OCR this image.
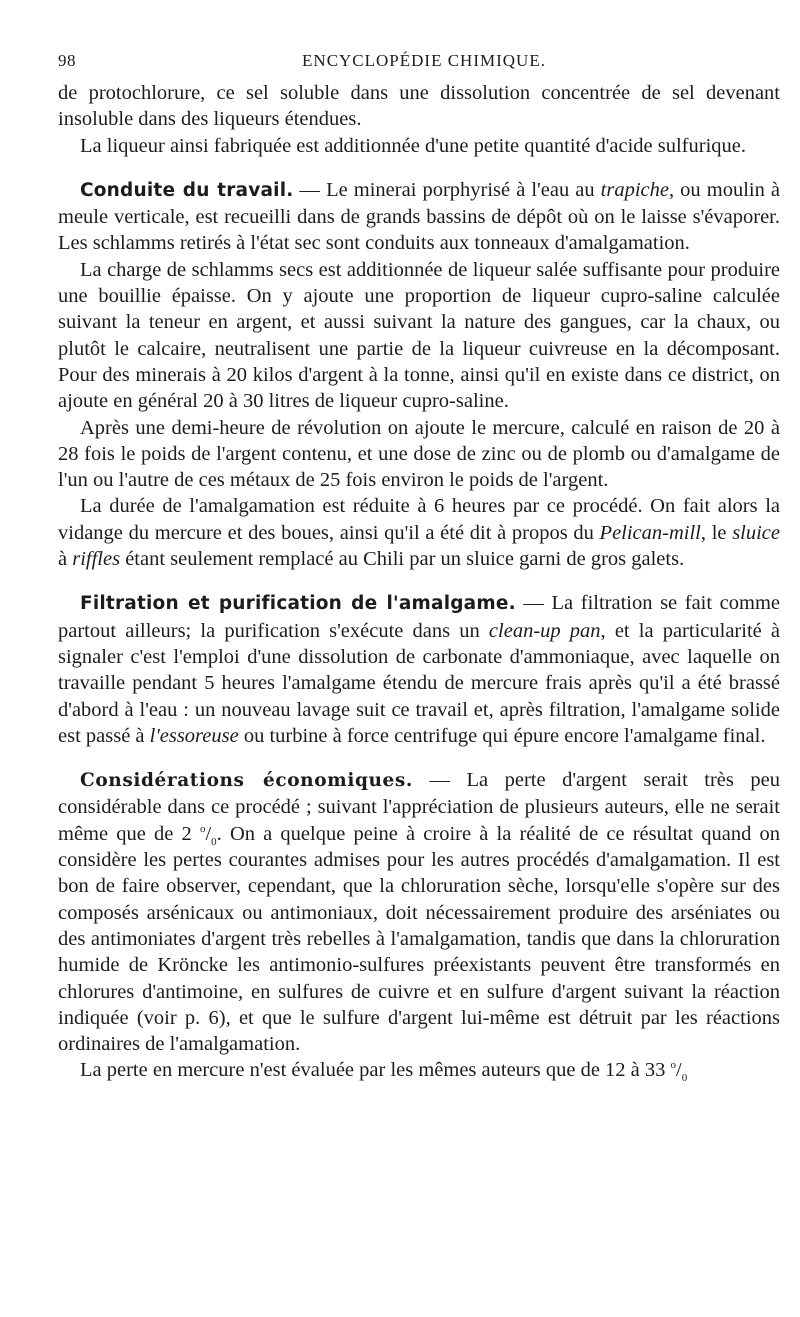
98	ENCYCLOPÉDIE CHIMIQUE.

de protochlorure, ce sel soluble dans une dissolution concentrée de sel devenant insoluble dans des liqueurs étendues.

La liqueur ainsi fabriquée est additionnée d'une petite quantité d'acide sulfurique.

Conduite du travail. — Le minerai porphyrisé à l'eau au trapiche, ou moulin à meule verticale, est recueilli dans de grands bassins de dépôt où on le laisse s'évaporer. Les schlamms retirés à l'état sec sont conduits aux tonneaux d'amalgamation.

La charge de schlamms secs est additionnée de liqueur salée suffisante pour produire une bouillie épaisse. On y ajoute une proportion de liqueur cupro-saline calculée suivant la teneur en argent, et aussi suivant la nature des gangues, car la chaux, ou plutôt le calcaire, neutralisent une partie de la liqueur cuivreuse en la décomposant. Pour des minerais à 20 kilos d'argent à la tonne, ainsi qu'il en existe dans ce district, on ajoute en général 20 à 30 litres de liqueur cupro-saline.

Après une demi-heure de révolution on ajoute le mercure, calculé en raison de 20 à 28 fois le poids de l'argent contenu, et une dose de zinc ou de plomb ou d'amalgame de l'un ou l'autre de ces métaux de 25 fois environ le poids de l'argent.

La durée de l'amalgamation est réduite à 6 heures par ce procédé. On fait alors la vidange du mercure et des boues, ainsi qu'il a été dit à propos du Pelican-mill, le sluice à riffles étant seulement remplacé au Chili par un sluice garni de gros galets.

Filtration et purification de l'amalgame. — La filtration se fait comme partout ailleurs; la purification s'exécute dans un clean-up pan, et la particularité à signaler c'est l'emploi d'une dissolution de carbonate d'ammoniaque, avec laquelle on travaille pendant 5 heures l'amalgame étendu de mercure frais après qu'il a été brassé d'abord à l'eau : un nouveau lavage suit ce travail et, après filtration, l'amalgame solide est passé à l'essoreuse ou turbine à force centrifuge qui épure encore l'amalgame final.

Considérations économiques. — La perte d'argent serait très peu considérable dans ce procédé ; suivant l'appréciation de plusieurs auteurs, elle ne serait même que de 2 $^o/_0$. On a quelque peine à croire à la réalité de ce résultat quand on considère les pertes courantes admises pour les autres procédés d'amalgamation. Il est bon de faire observer, cependant, que la chloruration sèche, lorsqu'elle s'opère sur des composés arsénicaux ou antimoniaux, doit nécessairement produire des arséniates ou des antimoniates d'argent très rebelles à l'amalgamation, tandis que dans la chloruration humide de Kröncke les antimonio-sulfures préexistants peuvent être transformés en chlorures d'antimoine, en sulfures de cuivre et en sulfure d'argent suivant la réaction indiquée (voir p. 6), et que le sulfure d'argent lui-même est détruit par les réactions ordinaires de l'amalgamation.

La perte en mercure n'est évaluée par les mêmes auteurs que de 12 à 33 $^o/_0$
